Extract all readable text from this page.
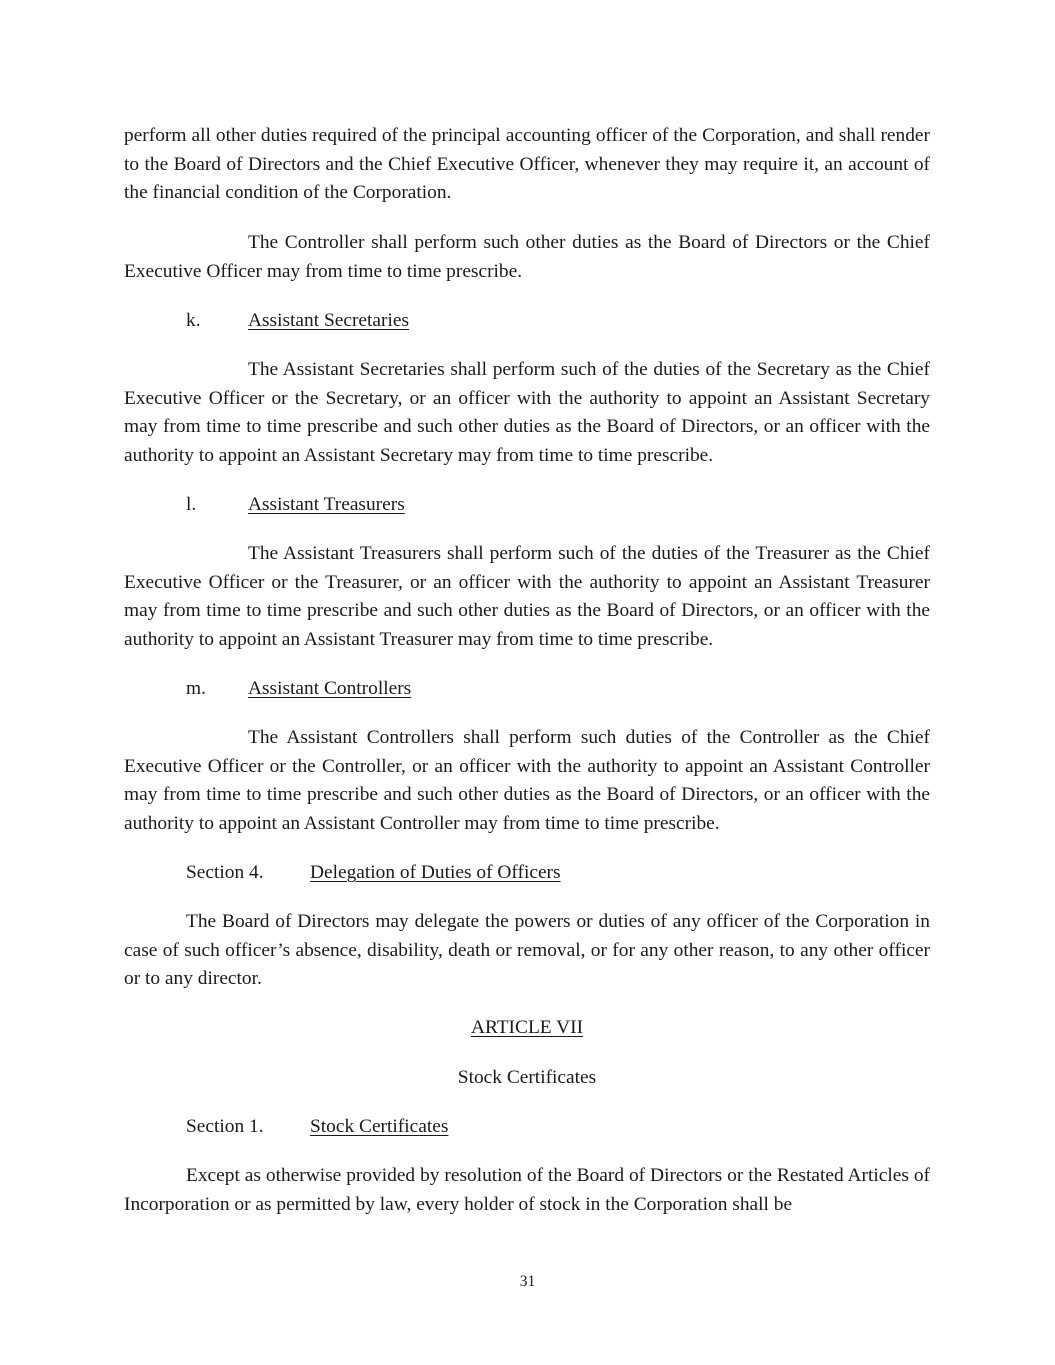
perform all other duties required of the principal accounting officer of the Corporation, and shall render to the Board of Directors and the Chief Executive Officer, whenever they may require it, an account of the financial condition of the Corporation.

The Controller shall perform such other duties as the Board of Directors or the Chief Executive Officer may from time to time prescribe.

k. Assistant Secretaries

The Assistant Secretaries shall perform such of the duties of the Secretary as the Chief Executive Officer or the Secretary, or an officer with the authority to appoint an Assistant Secretary may from time to time prescribe and such other duties as the Board of Directors, or an officer with the authority to appoint an Assistant Secretary may from time to time prescribe.

l.	Assistant Treasurers

The Assistant Treasurers shall perform such of the duties of the Treasurer as the Chief Executive Officer or the Treasurer, or an officer with the authority to appoint an Assistant Treasurer may from time to time prescribe and such other duties as the Board of Directors, or an officer with the authority to appoint an Assistant Treasurer may from time to time prescribe.

m. Assistant Controllers

The Assistant Controllers shall perform such duties of the Controller as the Chief Executive Officer or the Controller, or an officer with the authority to appoint an Assistant Controller may from time to time prescribe and such other duties as the Board of Directors, or an officer with the authority to appoint an Assistant Controller may from time to time prescribe.

Section 4. Delegation of Duties of Officers

The Board of Directors may delegate the powers or duties of any officer of the Corporation in case of such officer’s absence, disability, death or removal, or for any other reason, to any other officer or to any director.

ARTICLE VII
Stock Certificates
Section 1. Stock Certificates

Except as otherwise provided by resolution of the Board of Directors or the Restated Articles of Incorporation or as permitted by law, every holder of stock in the Corporation shall be

31
